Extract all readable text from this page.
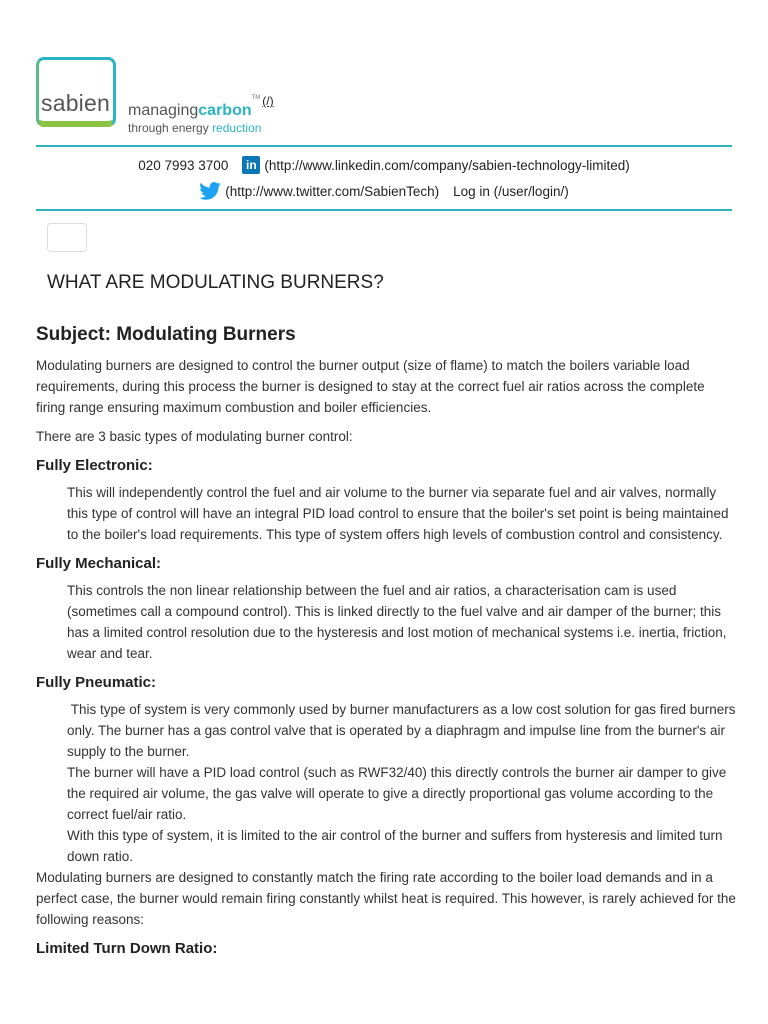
sabien managingcarbon™ (/)
through energy reduction
020 7993 3700	in (http://www.linkedin.com/company/sabien-technology-limited)
(http://www.twitter.com/SabienTech) Log in (/user/login/)
WHAT ARE MODULATING BURNERS?
Subject: Modulating Burners

Modulating burners are designed to control the burner output (size of flame) to match the boilers variable load requirements, during this process the burner is designed to stay at the correct fuel air ratios across the complete firing range ensuring maximum combustion and boiler efficiencies.

There are 3 basic types of modulating burner control:

Fully Electronic:

This will independently control the fuel and air volume to the burner via separate fuel and air valves, normally this type of control will have an integral PID load control to ensure that the boiler's set point is being maintained to the boiler's load requirements. This type of system offers high levels of combustion control and consistency.

Fully Mechanical:

This controls the non linear relationship between the fuel and air ratios, a characterisation cam is used (sometimes call a compound control). This is linked directly to the fuel valve and air damper of the burner; this has a limited control resolution due to the hysteresis and lost motion of mechanical systems i.e. inertia, friction, wear and tear.

Fully Pneumatic:

This type of system is very commonly used by burner manufacturers as a low cost solution for gas fired burners only. The burner has a gas control valve that is operated by a diaphragm and impulse line from the burner's air supply to the burner.

The burner will have a PID load control (such as RWF32/40) this directly controls the burner air damper to give the required air volume, the gas valve will operate to give a directly proportional gas volume according to the correct fuel/air ratio.

With this type of system, it is limited to the air control of the burner and suffers from hysteresis and limited turn down ratio.

Modulating burners are designed to constantly match the firing rate according to the boiler load demands and in a perfect case, the burner would remain firing constantly whilst heat is required. This however, is rarely achieved for the following reasons:

Limited Turn Down Ratio:
